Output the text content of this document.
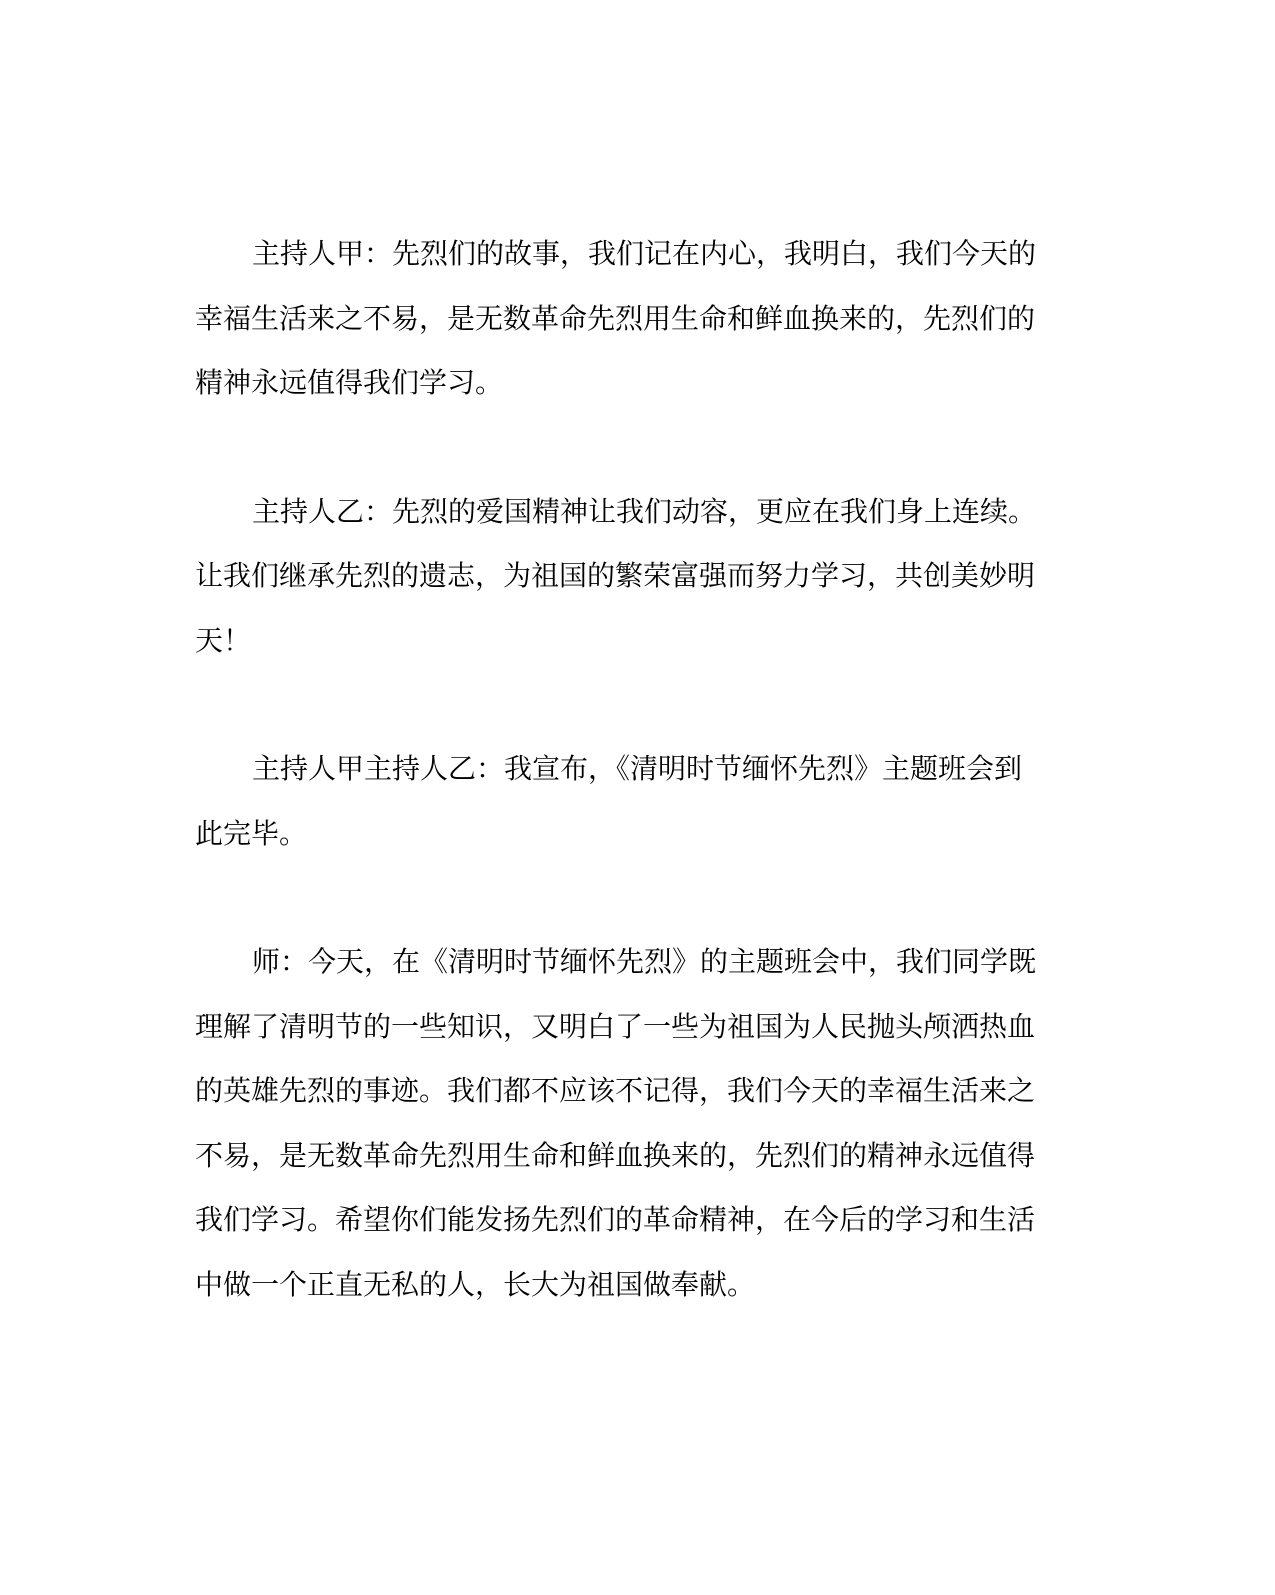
主持人甲：先烈们的故事，我们记在内心，我明白，我们今天的
幸福生活来之不易，是无数革命先烈用生命和鲜血换来的，先烈们的
精神永远值得我们学习。

主持人乙：先烈的爱国精神让我们动容，更应在我们身上连续。
让我们继承先烈的遗志，为祖国的繁荣富强而努力学习，共创美妙明
天！

主持人甲主持人乙：我宣布，《清明时节缅怀先烈》主题班会到
此完毕。

师：今天，在《清明时节缅怀先烈》的主题班会中，我们同学既
理解了清明节的一些知识，又明白了一些为祖国为人民抛头颅洒热血
的英雄先烈的事迹。我们都不应该不记得，我们今天的幸福生活来之
不易，是无数革命先烈用生命和鲜血换来的，先烈们的精神永远值得
我们学习。希望你们能发扬先烈们的革命精神，在今后的学习和生活
中做一个正直无私的人，长大为祖国做奉献。
